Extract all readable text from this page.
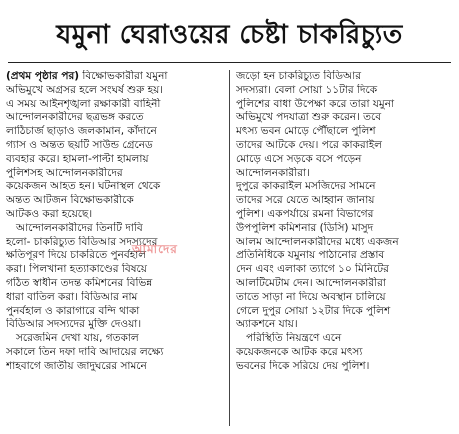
যমুনা ঘেরাওয়ের চেষ্টা চাকরিচ্যুত
(প্রথম পৃষ্ঠার পর) বিক্ষোভকারীরা যমুনা
অভিমুখে অগ্রসর হলে সংঘর্ষ শুরু হয়।
এ সময় আইনশৃঙ্খলা রক্ষাকারী বাহিনী
আন্দোলনকারীদের ছত্রভঙ্গ করতে
লাঠিচার্জ ছাড়াও জলকামান, কাঁদানে
গ্যাস ও অন্তত ছয়টি সাউন্ড গ্রেনেড
ব্যবহার করে। হামলা-পাল্টা হামলায়
পুলিশসহ আন্দোলনকারীদের
কয়েকজন আহত হন। ঘটনাস্থল থেকে
অন্তত আটজন বিক্ষোভকারীকে
আটকও করা হয়েছে।
আন্দোলনকারীদের তিনটি দাবি
হলো- চাকরিচ্যুত বিডিআর সদস্যদের
ক্ষতিপূরণ দিয়ে চাকরিতে পুনর্বহাল
করা। পিলখানা হত্যাকাণ্ডের বিষয়ে
গঠিত স্বাধীন তদন্ত কমিশনের বিভিন্ন
ধারা বাতিল করা। বিডিআর নাম
পুনর্বহাল ও কারাগারে বন্দি থাকা
বিডিআর সদস্যদের মুক্তি দেওয়া।
সরেজমিন দেখা যায়, গতকাল
সকালে তিন দফা দাবি আদায়ের লক্ষ্যে
শাহবাগে জাতীয় জাদুঘরের সামনে
জড়ো হন চাকরিচ্যুত বিডিআর
সদস্যরা। বেলা সোয়া ১১টার দিকে
পুলিশের বাধা উপেক্ষা করে তারা যমুনা
অভিমুখে পদযাত্রা শুরু করেন। তবে
মৎস্য ভবন মোড়ে পৌঁছালে পুলিশ
তাদের আটকে দেয়। পরে কাকরাইল
মোড়ে এসে সড়কে বসে পড়েন
আন্দোলনকারীরা।
দুপুরে কাকরাইল মসজিদের সামনে
তাদের সরে যেতে আহ্বান জানায়
পুলিশ। একপর্যায়ে রমনা বিভাগের
উপপুলিশ কমিশনার (ডিসি) মাসুদ
আলম আন্দোলনকারীদের মধ্যে একজন
প্রতিনিধিকে যমুনায় পাঠানোর প্রস্তাব
দেন এবং এলাকা ত্যাগে ১০ মিনিটের
আলটিমেটাম দেন। আন্দোলনকারীরা
তাতে সাড়া না দিয়ে অবস্থান চালিয়ে
গেলে দুপুর সোয়া ১২টার দিকে পুলিশ
অ্যাকশনে যায়।
পরিস্থিতি নিয়ন্ত্রণে এনে
কয়েকজনকে আটক করে মৎস্য
ভবনের দিকে সরিয়ে দেয় পুলিশ।
আমাদের
